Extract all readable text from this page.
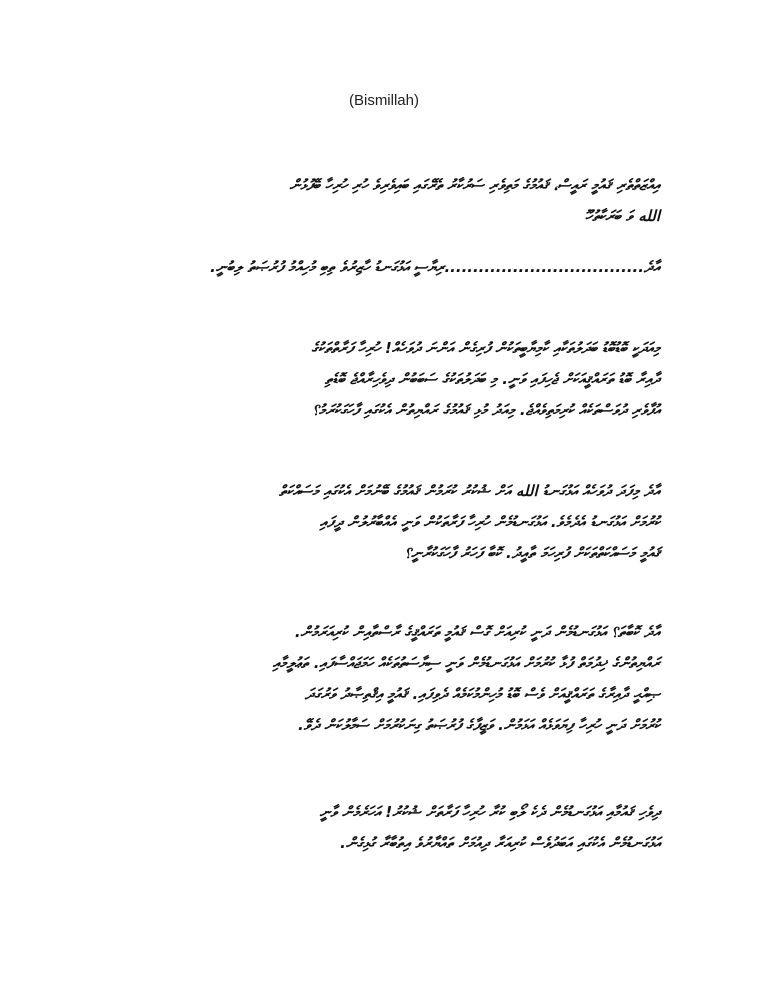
(Bismillah)
އިއްޒަތްތެރި ޤައުމީ ރައީސް، ޤައުމުގެ މަތިވެރި ސަރުކާރު ތެރޭގައި ބައިވެރިވެ ހުރި ހުރިހާ ބޭފުޅުން
الله ވަ ބަރަކާތުހޫ
އާދެ...................................ރިޔާސީ އަޅުގަނޑު ހާޒިރުވެ ތިބި މުހިއްމު ފުރުޞަތު ލިބުނީ.
މިއަދަކީ ބޮޑުބޮޑު ބަދަލުތަކާއި ކާމިޔާބީތަކުން ފުރިގެން އަންނަ ދުވަހެއް! ހުރިހާ ފަރާތްތަކުގެ
ދާއިރާ ބޮޑު ތަރައްޤީއަކަށް ޖެހިފައި ވަނީ. މި ބަދަލުތަކުގެ ސަބަބުން ދިވެހިރާއްޖެ ބޮޑެތި
އުފާވެރި ދުވަސްތަކެއް ކުރިމަތިވެއްޖެ. މިއަދު މުޅި ޤައުމުގެ ރައްޔިތުން އެކުގައި ފާހަގަކުރަމު؟
އާދެ މިފަދަ ދުވަހެއް އަޅުގަނޑު الله އަށް ޝުކުރު ކުރަމުން ޤައުމުގެ ބޭނުމަށް އެކުގައި މަސައްކަތް
ކުރުމަށް އަޅުގަނޑު އެދެމެވެ. އަޅުގަނޑުމެން ހުރިހާ ފަރާތަކުން ވަނީ އެއްބާރުލުން ދީފައި
ޤައުމީ މަސައްކަތްތަކަށް ފުރިހަމަ ތާއީދު. ކޮބާ ފަހަރު ފާހަގަކުރާނީ؟
އާދެ ކޮބާތަ؟ އަޅުގަނޑުމެން ދަނީ ކުރިއަށް ގޮސް ޤައުމީ ތަރައްޤީގެ ރާސްތާއިން ކުރިއަރަމުން.
ރައްޔިތުންގެ ޚިދުމަތް ފުޅާ ކުރުމަށް އަޅުގަނޑުމެން ވަނީ ސިޔާސަތުތަކެއް ހަމަޖައްސާފައި. ތަޢުލީމާއި
ޞިއްޙީ ދާއިރާގެ ތަރައްޤީއަށް ވެސް ބޮޑު މުހިންމުކަމެއް ދެވިފައި. ޤައުމީ އިޤްތިޞާދު ވަރުގަދަ
ކުރުމަށް ދަނީ ހުރިހާ ފިޔަވަޅެއް އަޅަމުން. ވަޒީފާގެ ފުރުޞަތު ގިނަކުރުމަށް ސަމާލުކަން ދެވޭ.
ދިވެހި ޤައުމާއި އަޅުގަނޑުމެން ދެކެ ލޯބި ކުރާ ހުރިހާ ފަރާތަށް ޝުކުރު! އަހަރެމެން ވާނީ
އަޅުގަނޑުމެން އެކުގައި އަބަދުވެސް ކުރިއަރާ ދިއުމަށް ތައްޔާރުވެ އިތުބާރާ ގުޅިގެން.
